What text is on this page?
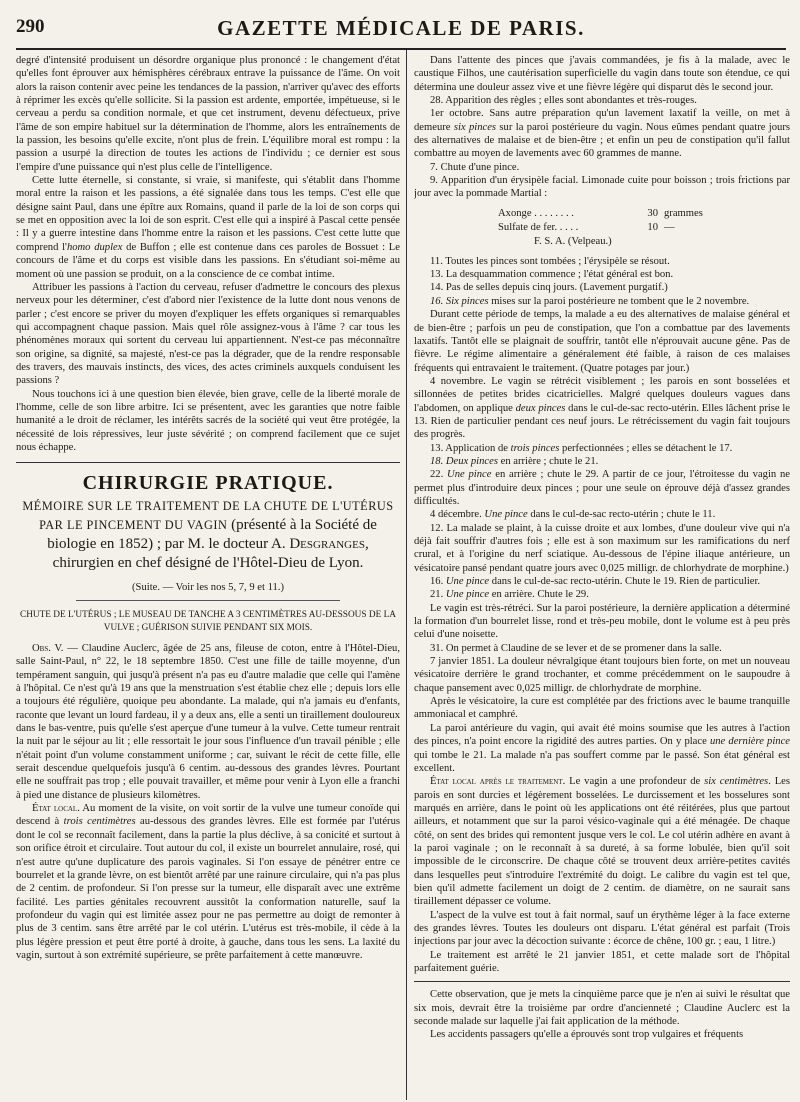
290	GAZETTE MÉDICALE DE PARIS.

degré d'intensité produisent un désordre organique plus prononcé : le changement d'état qu'elles font éprouver aux hémisphères cérébraux entrave la puissance de l'âme. On voit alors la raison contenir avec peine les tendances de la passion, n'arriver qu'avec des efforts à réprimer les excès qu'elle sollicite. Si la passion est ardente, emportée, impétueuse, si le cerveau a perdu sa condition normale, et que cet instrument, devenu défectueux, prive l'âme de son empire habituel sur la détermination de l'homme, alors les entraînements de la passion, les besoins qu'elle excite, n'ont plus de frein. L'équilibre moral est rompu : la passion a usurpé la direction de toutes les actions de l'individu ; ce dernier est sous l'empire d'une puissance qui n'est plus celle de l'intelligence.

Cette lutte éternelle, si constante, si vraie, si manifeste, qui s'établit dans l'homme moral entre la raison et les passions, a été signalée dans tous les temps. C'est elle que désigne saint Paul, dans une épître aux Romains, quand il parle de la loi de son corps qui se met en opposition avec la loi de son esprit. C'est elle qui a inspiré à Pascal cette pensée : Il y a guerre intestine dans l'homme entre la raison et les passions. C'est cette lutte que comprend l'homo duplex de Buffon ; elle est contenue dans ces paroles de Bossuet : Le concours de l'âme et du corps est visible dans les passions. En s'étudiant soi-même au moment où une passion se produit, on a la conscience de ce combat intime.

Attribuer les passions à l'action du cerveau, refuser d'admettre le concours des plexus nerveux pour les déterminer, c'est d'abord nier l'existence de la lutte dont nous venons de parler ; c'est encore se priver du moyen d'expliquer les effets organiques si remarquables qui accompagnent chaque passion. Mais quel rôle assignez-vous à l'âme ? car tous les phénomènes moraux qui sortent du cerveau lui appartiennent. N'est-ce pas méconnaître son origine, sa dignité, sa majesté, n'est-ce pas la dégrader, que de la rendre responsable des travers, des mauvais instincts, des vices, des actes criminels auxquels conduisent les passions ?

Nous touchons ici à une question bien élevée, bien grave, celle de la liberté morale de l'homme, celle de son libre arbitre. Ici se présentent, avec les garanties que notre faible humanité a le droit de réclamer, les intérêts sacrés de la société qui veut être protégée, la nécessité de lois répressives, leur juste sévérité ; on comprend facilement que ce sujet nous échappe.

CHIRURGIE PRATIQUE.
MÉMOIRE SUR LE TRAITEMENT DE LA CHUTE DE L'UTÉRUS PAR LE PINCEMENT DU VAGIN (présenté à la Société de biologie en 1852) ; par M. le docteur A. Desgranges, chirurgien en chef désigné de l'Hôtel-Dieu de Lyon.
(Suite. — Voir les nos 5, 7, 9 et 11.)
CHUTE DE L'UTÉRUS ; LE MUSEAU DE TANCHE A 3 CENTIMÈTRES AU-DESSOUS DE LA VULVE ; GUÉRISON SUIVIE PENDANT SIX MOIS.

Obs. V. — Claudine Auclerc, âgée de 25 ans, fileuse de coton, entre à l'Hôtel-Dieu, salle Saint-Paul, n° 22, le 18 septembre 1850. C'est une fille de taille moyenne, d'un tempérament sanguin, qui jusqu'à présent n'a pas eu d'autre maladie que celle qui l'amène à l'hôpital. Ce n'est qu'à 19 ans que la menstruation s'est établie chez elle ; depuis lors elle a toujours été régulière, quoique peu abondante. La malade, qui n'a jamais eu d'enfants, raconte que levant un lourd fardeau, il y a deux ans, elle a senti un tiraillement douloureux dans le bas-ventre, puis qu'elle s'est aperçue d'une tumeur à la vulve. Cette tumeur rentrait la nuit par le séjour au lit ; elle ressortait le jour sous l'influence d'un travail pénible ; elle n'était point d'un volume constamment uniforme ; car, suivant le récit de cette fille, elle serait descendue quelquefois jusqu'à 6 centim. au-dessous des grandes lèvres. Pourtant elle ne souffrait pas trop ; elle pouvait travailler, et même pour venir à Lyon elle a franchi à pied une distance de plusieurs kilomètres.

État local. Au moment de la visite, on voit sortir de la vulve une tumeur conoïde qui descend à trois centimètres au-dessous des grandes lèvres. Elle est formée par l'utérus dont le col se reconnaît facilement, dans la partie la plus déclive, à sa conicité et surtout à son orifice étroit et circulaire. Tout autour du col, il existe un bourrelet annulaire, rosé, qui n'est autre qu'une duplicature des parois vaginales. Si l'on essaye de pénétrer entre ce bourrelet et la grande lèvre, on est bientôt arrêté par une rainure circulaire, qui n'a pas plus de 2 centim. de profondeur. Si l'on presse sur la tumeur, elle disparaît avec une extrême facilité. Les parties génitales recouvrent aussitôt la conformation naturelle, sauf la profondeur du vagin qui est limitée assez pour ne pas permettre au doigt de remonter à plus de 3 centim. sans être arrêté par le col utérin. L'utérus est très-mobile, il cède à la plus légère pression et peut être porté à droite, à gauche, dans tous les sens. La laxité du vagin, surtout à son extrémité supérieure, se prête parfaitement à cette manœuvre.

Dans l'attente des pinces que j'avais commandées, je fis à la malade, avec le caustique Filhos, une cautérisation superficielle du vagin dans toute son étendue, ce qui détermina une douleur assez vive et une fièvre légère qui disparut dès le second jour.

28. Apparition des règles ; elles sont abondantes et très-rouges.

1er octobre. Sans autre préparation qu'un lavement laxatif la veille, on met à demeure six pinces sur la paroi postérieure du vagin. Nous eûmes pendant quatre jours des alternatives de malaise et de bien-être ; et enfin un peu de constipation qu'il fallut combattre au moyen de lavements avec 60 grammes de manne.

7. Chute d'une pince.

9. Apparition d'un érysipèle facial. Limonade cuite pour boisson ; trois frictions par jour avec la pommade Martial :

Axonge . . . . . . . .	30 grammes
Sulfate de fer. . . . .	10 —
F. S. A. (Velpeau.)

11. Toutes les pinces sont tombées ; l'érysipèle se résout.

13. La desquammation commence ; l'état général est bon.

14. Pas de selles depuis cinq jours. (Lavement purgatif.)

16. Six pinces mises sur la paroi postérieure ne tombent que le 2 novembre.

Durant cette période de temps, la malade a eu des alternatives de malaise général et de bien-être ; parfois un peu de constipation, que l'on a combattue par des lavements laxatifs. Tantôt elle se plaignait de souffrir, tantôt elle n'éprouvait aucune gêne. Pas de fièvre. Le régime alimentaire a généralement été faible, à raison de ces malaises fréquents qui entravaient le traitement. (Quatre potages par jour.)

4 novembre. Le vagin se rétrécit visiblement ; les parois en sont bosselées et sillonnées de petites brides cicatricielles. Malgré quelques douleurs vagues dans l'abdomen, on applique deux pinces dans le cul-de-sac recto-utérin. Elles lâchent prise le 13. Rien de particulier pendant ces neuf jours. Le rétrécissement du vagin fait toujours des progrès.

13. Application de trois pinces perfectionnées ; elles se détachent le 17.

18. Deux pinces en arrière ; chute le 21.

22. Une pince en arrière ; chute le 29. A partir de ce jour, l'étroitesse du vagin ne permet plus d'introduire deux pinces ; pour une seule on éprouve déjà d'assez grandes difficultés.

4 décembre. Une pince dans le cul-de-sac recto-utérin ; chute le 11.

12. La malade se plaint, à la cuisse droite et aux lombes, d'une douleur vive qui n'a déjà fait souffrir d'autres fois ; elle est à son maximum sur les ramifications du nerf crural, et à l'origine du nerf sciatique. Au-dessous de l'épine iliaque antérieure, un vésicatoire pansé pendant quatre jours avec 0,025 milligr. de chlorhydrate de morphine.)

16. Une pince dans le cul-de-sac recto-utérin. Chute le 19. Rien de particulier.

21. Une pince en arrière. Chute le 29.

Le vagin est très-rétréci. Sur la paroi postérieure, la dernière application a déterminé la formation d'un bourrelet lisse, rond et très-peu mobile, dont le volume est à peu près celui d'une noisette.

31. On permet à Claudine de se lever et de se promener dans la salle.

7 janvier 1851. La douleur névralgique étant toujours bien forte, on met un nouveau vésicatoire derrière le grand trochanter, et comme précédemment on le saupoudre à chaque pansement avec 0,025 milligr. de chlorhydrate de morphine.

Après le vésicatoire, la cure est complétée par des frictions avec le baume tranquille ammoniacal et camphré.

La paroi antérieure du vagin, qui avait été moins soumise que les autres à l'action des pinces, n'a point encore la rigidité des autres parties. On y place une dernière pince qui tombe le 21. La malade n'a pas souffert comme par le passé. Son état général est excellent.

État local après le traitement. Le vagin a une profondeur de six centimètres. Les parois en sont durcies et légèrement bosselées. Le durcissement et les bosselures sont marqués en arrière, dans le point où les applications ont été réitérées, plus que partout ailleurs, et notamment que sur la paroi vésico-vaginale qui a été ménagée. De chaque côté, on sent des brides qui remontent jusque vers le col. Le col utérin adhère en avant à la paroi vaginale ; on le reconnaît à sa dureté, à sa forme lobulée, bien qu'il soit impossible de le circonscrire. De chaque côté se trouvent deux arrière-petites cavités dans lesquelles peut s'introduire l'extrémité du doigt. Le calibre du vagin est tel que, bien qu'il admette facilement un doigt de 2 centim. de diamètre, on ne saurait sans tiraillement dépasser ce volume.

L'aspect de la vulve est tout à fait normal, sauf un érythème léger à la face externe des grandes lèvres. Toutes les douleurs ont disparu. L'état général est parfait (Trois injections par jour avec la décoction suivante : écorce de chêne, 100 gr. ; eau, 1 litre.)

Le traitement est arrêté le 21 janvier 1851, et cette malade sort de l'hôpital parfaitement guérie.

Cette observation, que je mets la cinquième parce que je n'en ai suivi le résultat que six mois, devrait être la troisième par ordre d'ancienneté ; Claudine Auclerc est la seconde malade sur laquelle j'ai fait application de la méthode.

Les accidents passagers qu'elle a éprouvés sont trop vulgaires et fréquents
